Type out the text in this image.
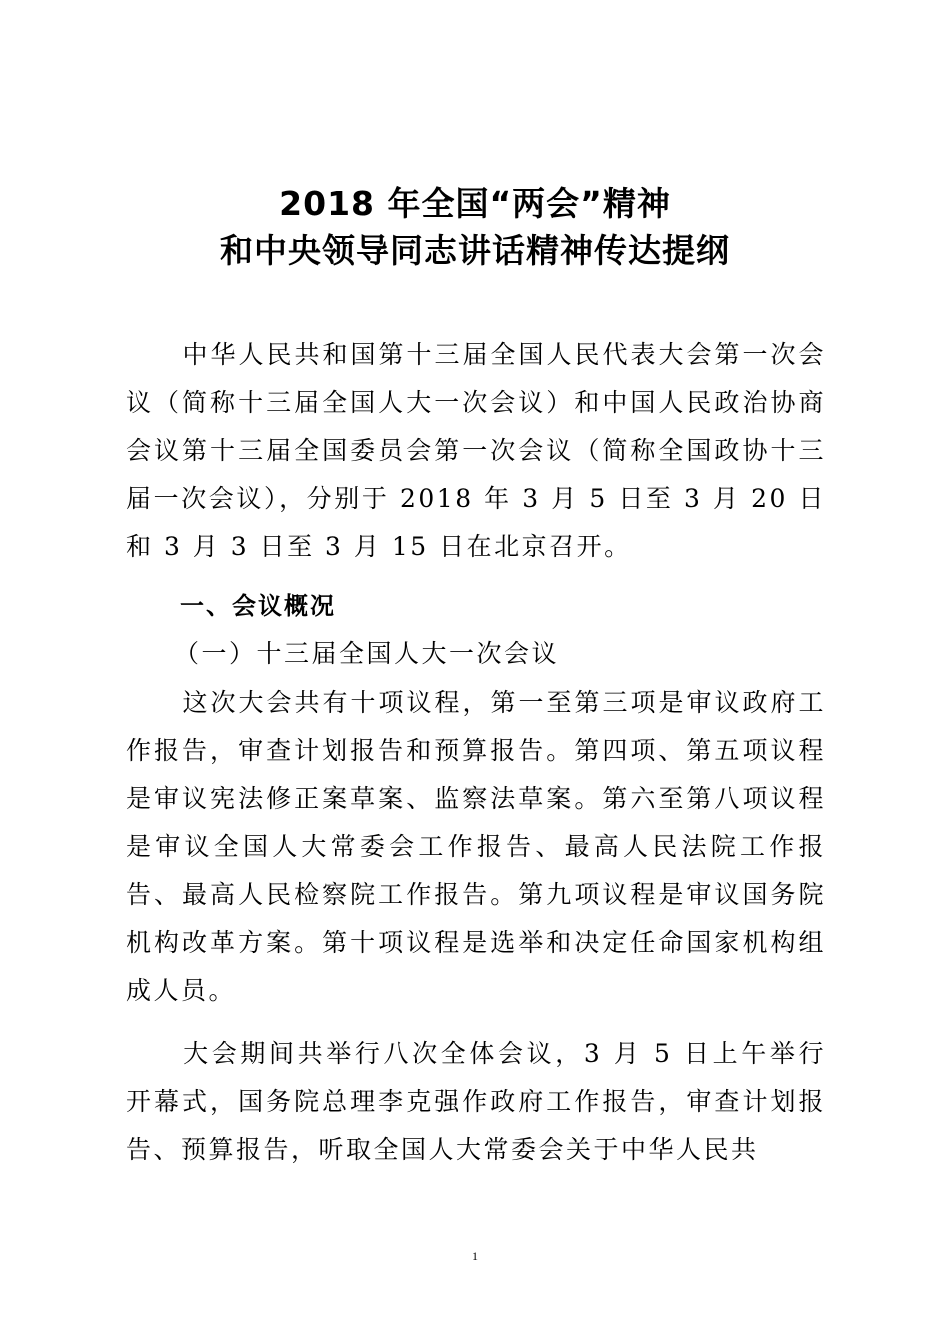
2018 年全国“两会”精神
和中央领导同志讲话精神传达提纲
中华人民共和国第十三届全国人民代表大会第一次会议（简称十三届全国人大一次会议）和中国人民政治协商会议第十三届全国委员会第一次会议（简称全国政协十三届一次会议），分别于 2018 年 3 月 5 日至 3 月 20 日和 3 月 3 日至 3 月 15 日在北京召开。
一、会议概况
（一）十三届全国人大一次会议
这次大会共有十项议程，第一至第三项是审议政府工作报告，审查计划报告和预算报告。第四项、第五项议程是审议宪法修正案草案、监察法草案。第六至第八项议程是审议全国人大常委会工作报告、最高人民法院工作报告、最高人民检察院工作报告。第九项议程是审议国务院机构改革方案。第十项议程是选举和决定任命国家机构组成人员。
大会期间共举行八次全体会议，3 月 5 日上午举行开幕式，国务院总理李克强作政府工作报告，审查计划报告、预算报告，听取全国人大常委会关于中华人民共
1
